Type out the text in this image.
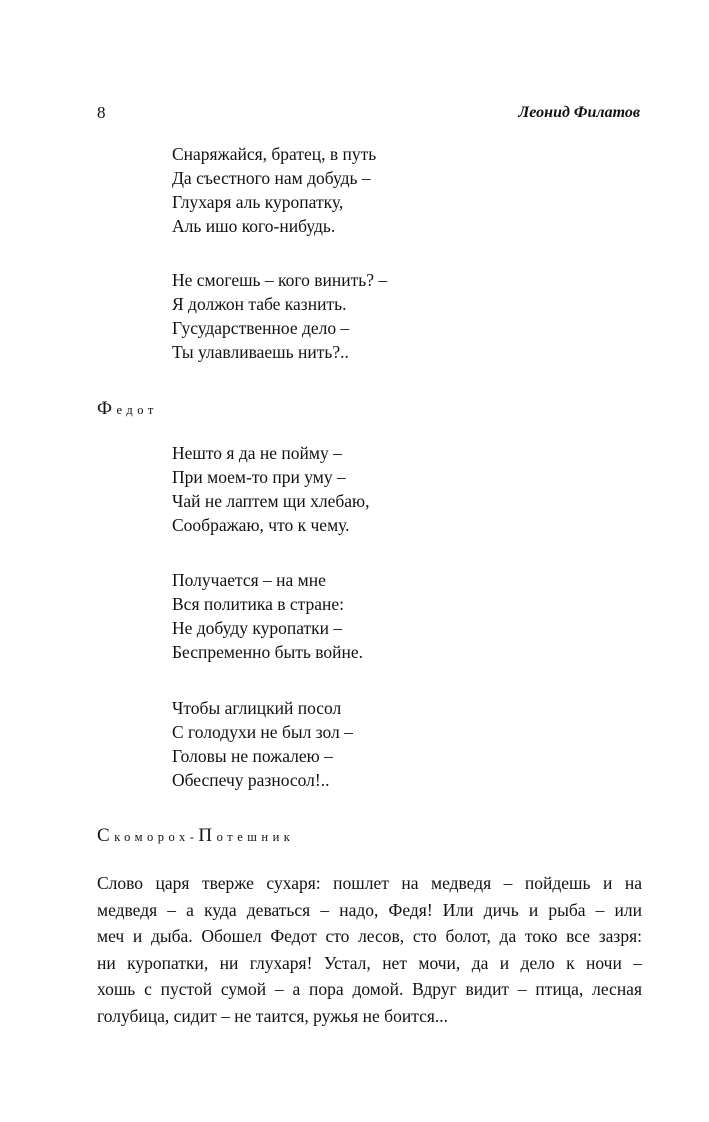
8	Леонид Филатов
Снаряжайся, братец, в путь
Да съестного нам добудь –
Глухаря аль куропатку,
Аль ишо кого-нибудь.
Не смогешь – кого винить? –
Я должон табе казнить.
Гусударственное дело –
Ты улавливаешь нить?..
Федот
Нешто я да не пойму –
При моем-то при уму –
Чай не лаптем щи хлебаю,
Соображаю, что к чему.
Получается – на мне
Вся политика в стране:
Не добуду куропатки –
Беспременно быть войне.
Чтобы аглицкий посол
С голодухи не был зол –
Головы не пожалею –
Обеспечу разносол!..
Скоморох-Потешник
Слово царя тверже сухаря: пошлет на медведя – пойдешь и на
медведя – а куда деваться – надо, Федя! Или дичь и рыба – или
меч и дыба. Обошел Федот сто лесов, сто болот, да токо все зазря:
ни куропатки, ни глухаря! Устал, нет мочи, да и дело к ночи –
хошь с пустой сумой – а пора домой. Вдруг видит – птица, лесная
голубица, сидит – не таится, ружья не боится...
